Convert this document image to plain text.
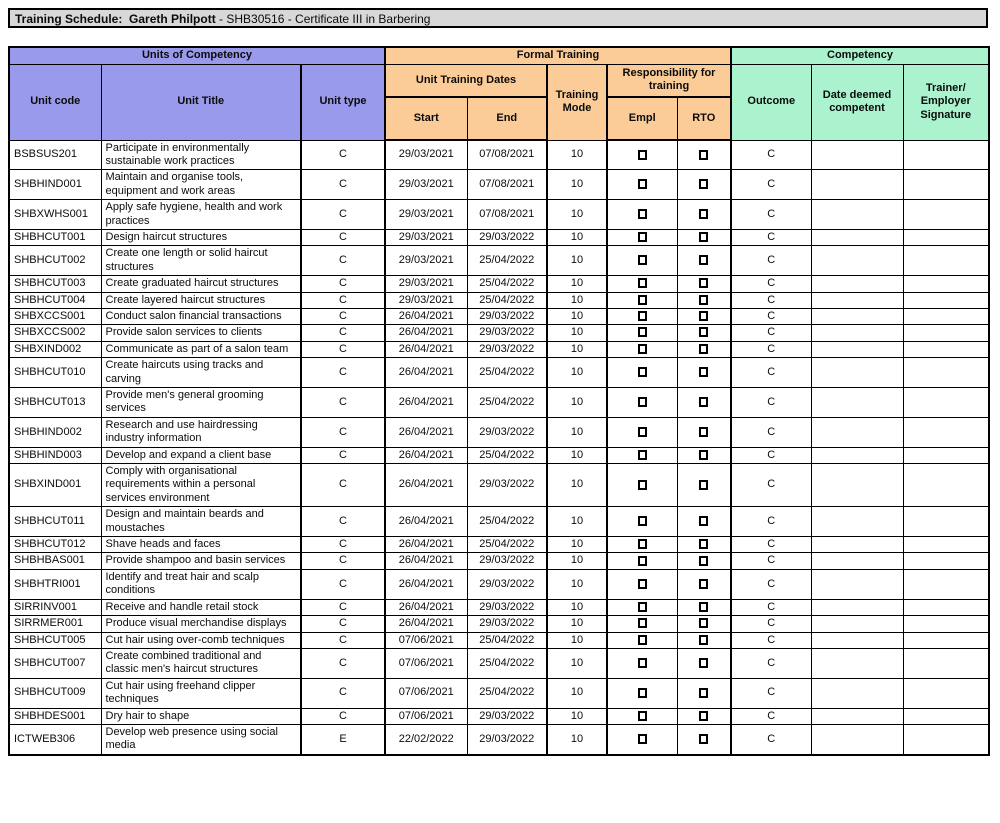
Training Schedule:  Gareth Philpott - SHB30516 - Certificate III in Barbering
Units of Competency			Formal Training					Competency		
Unit code	Unit Title	Unit type	Unit Training Dates		Training Mode	Responsibility for training		Outcome	Date deemed competent	Trainer/ Employer Signature
			Start	End		Empl	RTO			
BSBSUS201	Participate in environmentally sustainable work practices	C	29/03/2021	07/08/2021	10			C		
SHBHIND001	Maintain and organise tools, equipment and work areas	C	29/03/2021	07/08/2021	10			C		
SHBXWHS001	Apply safe hygiene, health and work practices	C	29/03/2021	07/08/2021	10			C		
SHBHCUT001	Design haircut structures	C	29/03/2021	29/03/2022	10			C		
SHBHCUT002	Create one length or solid haircut structures	C	29/03/2021	25/04/2022	10			C		
SHBHCUT003	Create graduated haircut structures	C	29/03/2021	25/04/2022	10			C		
SHBHCUT004	Create layered haircut structures	C	29/03/2021	25/04/2022	10			C		
SHBXCCS001	Conduct salon financial transactions	C	26/04/2021	29/03/2022	10			C		
SHBXCCS002	Provide salon services to clients	C	26/04/2021	29/03/2022	10			C		
SHBXIND002	Communicate as part of a salon team	C	26/04/2021	29/03/2022	10			C		
SHBHCUT010	Create haircuts using tracks and carving	C	26/04/2021	25/04/2022	10			C		
SHBHCUT013	Provide men's general grooming services	C	26/04/2021	25/04/2022	10			C		
SHBHIND002	Research and use hairdressing industry information	C	26/04/2021	29/03/2022	10			C		
SHBHIND003	Develop and expand a client base	C	26/04/2021	25/04/2022	10			C		
SHBXIND001	Comply with organisational requirements within a personal services environment	C	26/04/2021	29/03/2022	10			C		
SHBHCUT011	Design and maintain beards and moustaches	C	26/04/2021	25/04/2022	10			C		
SHBHCUT012	Shave heads and faces	C	26/04/2021	25/04/2022	10			C		
SHBHBAS001	Provide shampoo and basin services	C	26/04/2021	29/03/2022	10			C		
SHBHTRI001	Identify and treat hair and scalp conditions	C	26/04/2021	29/03/2022	10			C		
SIRRINV001	Receive and handle retail stock	C	26/04/2021	29/03/2022	10			C		
SIRRMER001	Produce visual merchandise displays	C	26/04/2021	29/03/2022	10			C		
SHBHCUT005	Cut hair using over-comb techniques	C	07/06/2021	25/04/2022	10			C		
SHBHCUT007	Create combined traditional and classic men's haircut structures	C	07/06/2021	25/04/2022	10			C		
SHBHCUT009	Cut hair using freehand clipper techniques	C	07/06/2021	25/04/2022	10			C		
SHBHDES001	Dry hair to shape	C	07/06/2021	29/03/2022	10			C		
ICTWEB306	Develop web presence using social media	E	22/02/2022	29/03/2022	10			C		
